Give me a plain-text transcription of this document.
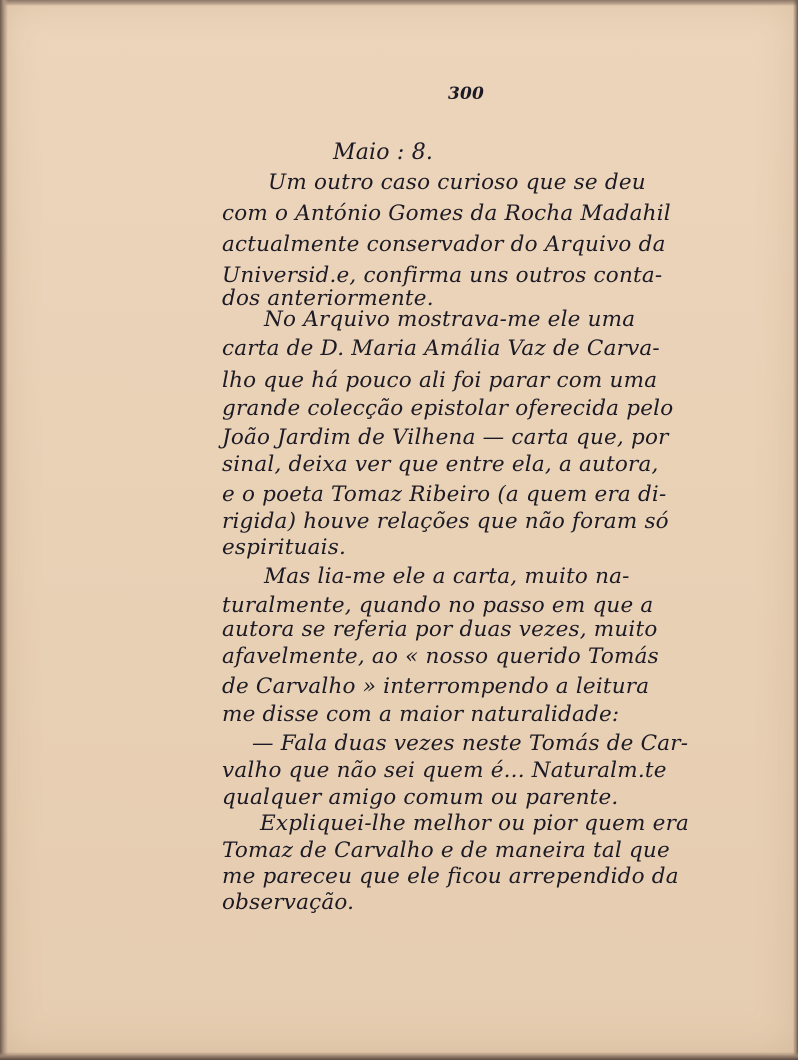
300
Maio : 8.
Um outro caso curioso que se deu
com o António Gomes da Rocha Madahil
actualmente conservador do Arquivo da
Universid.e, confirma uns outros conta-
dos anteriormente.
No Arquivo mostrava-me ele uma
carta de D. Maria Amália Vaz de Carva-
lho que há pouco ali foi parar com uma
grande colecção epistolar oferecida pelo
João Jardim de Vilhena — carta que, por
sinal, deixa ver que entre ela, a autora,
e o poeta Tomaz Ribeiro (a quem era di-
rigida) houve relações que não foram só
espirituais.
Mas lia-me ele a carta, muito na-
turalmente, quando no passo em que a
autora se referia por duas vezes, muito
afavelmente, ao « nosso querido Tomás
de Carvalho » interrompendo a leitura
me disse com a maior naturalidade:
— Fala duas vezes neste Tomás de Car-
valho que não sei quem é... Naturalm.te
qualquer amigo comum ou parente.
Expliquei-lhe melhor ou pior quem era
Tomaz de Carvalho e de maneira tal que
me pareceu que ele ficou arrependido da
observação.
